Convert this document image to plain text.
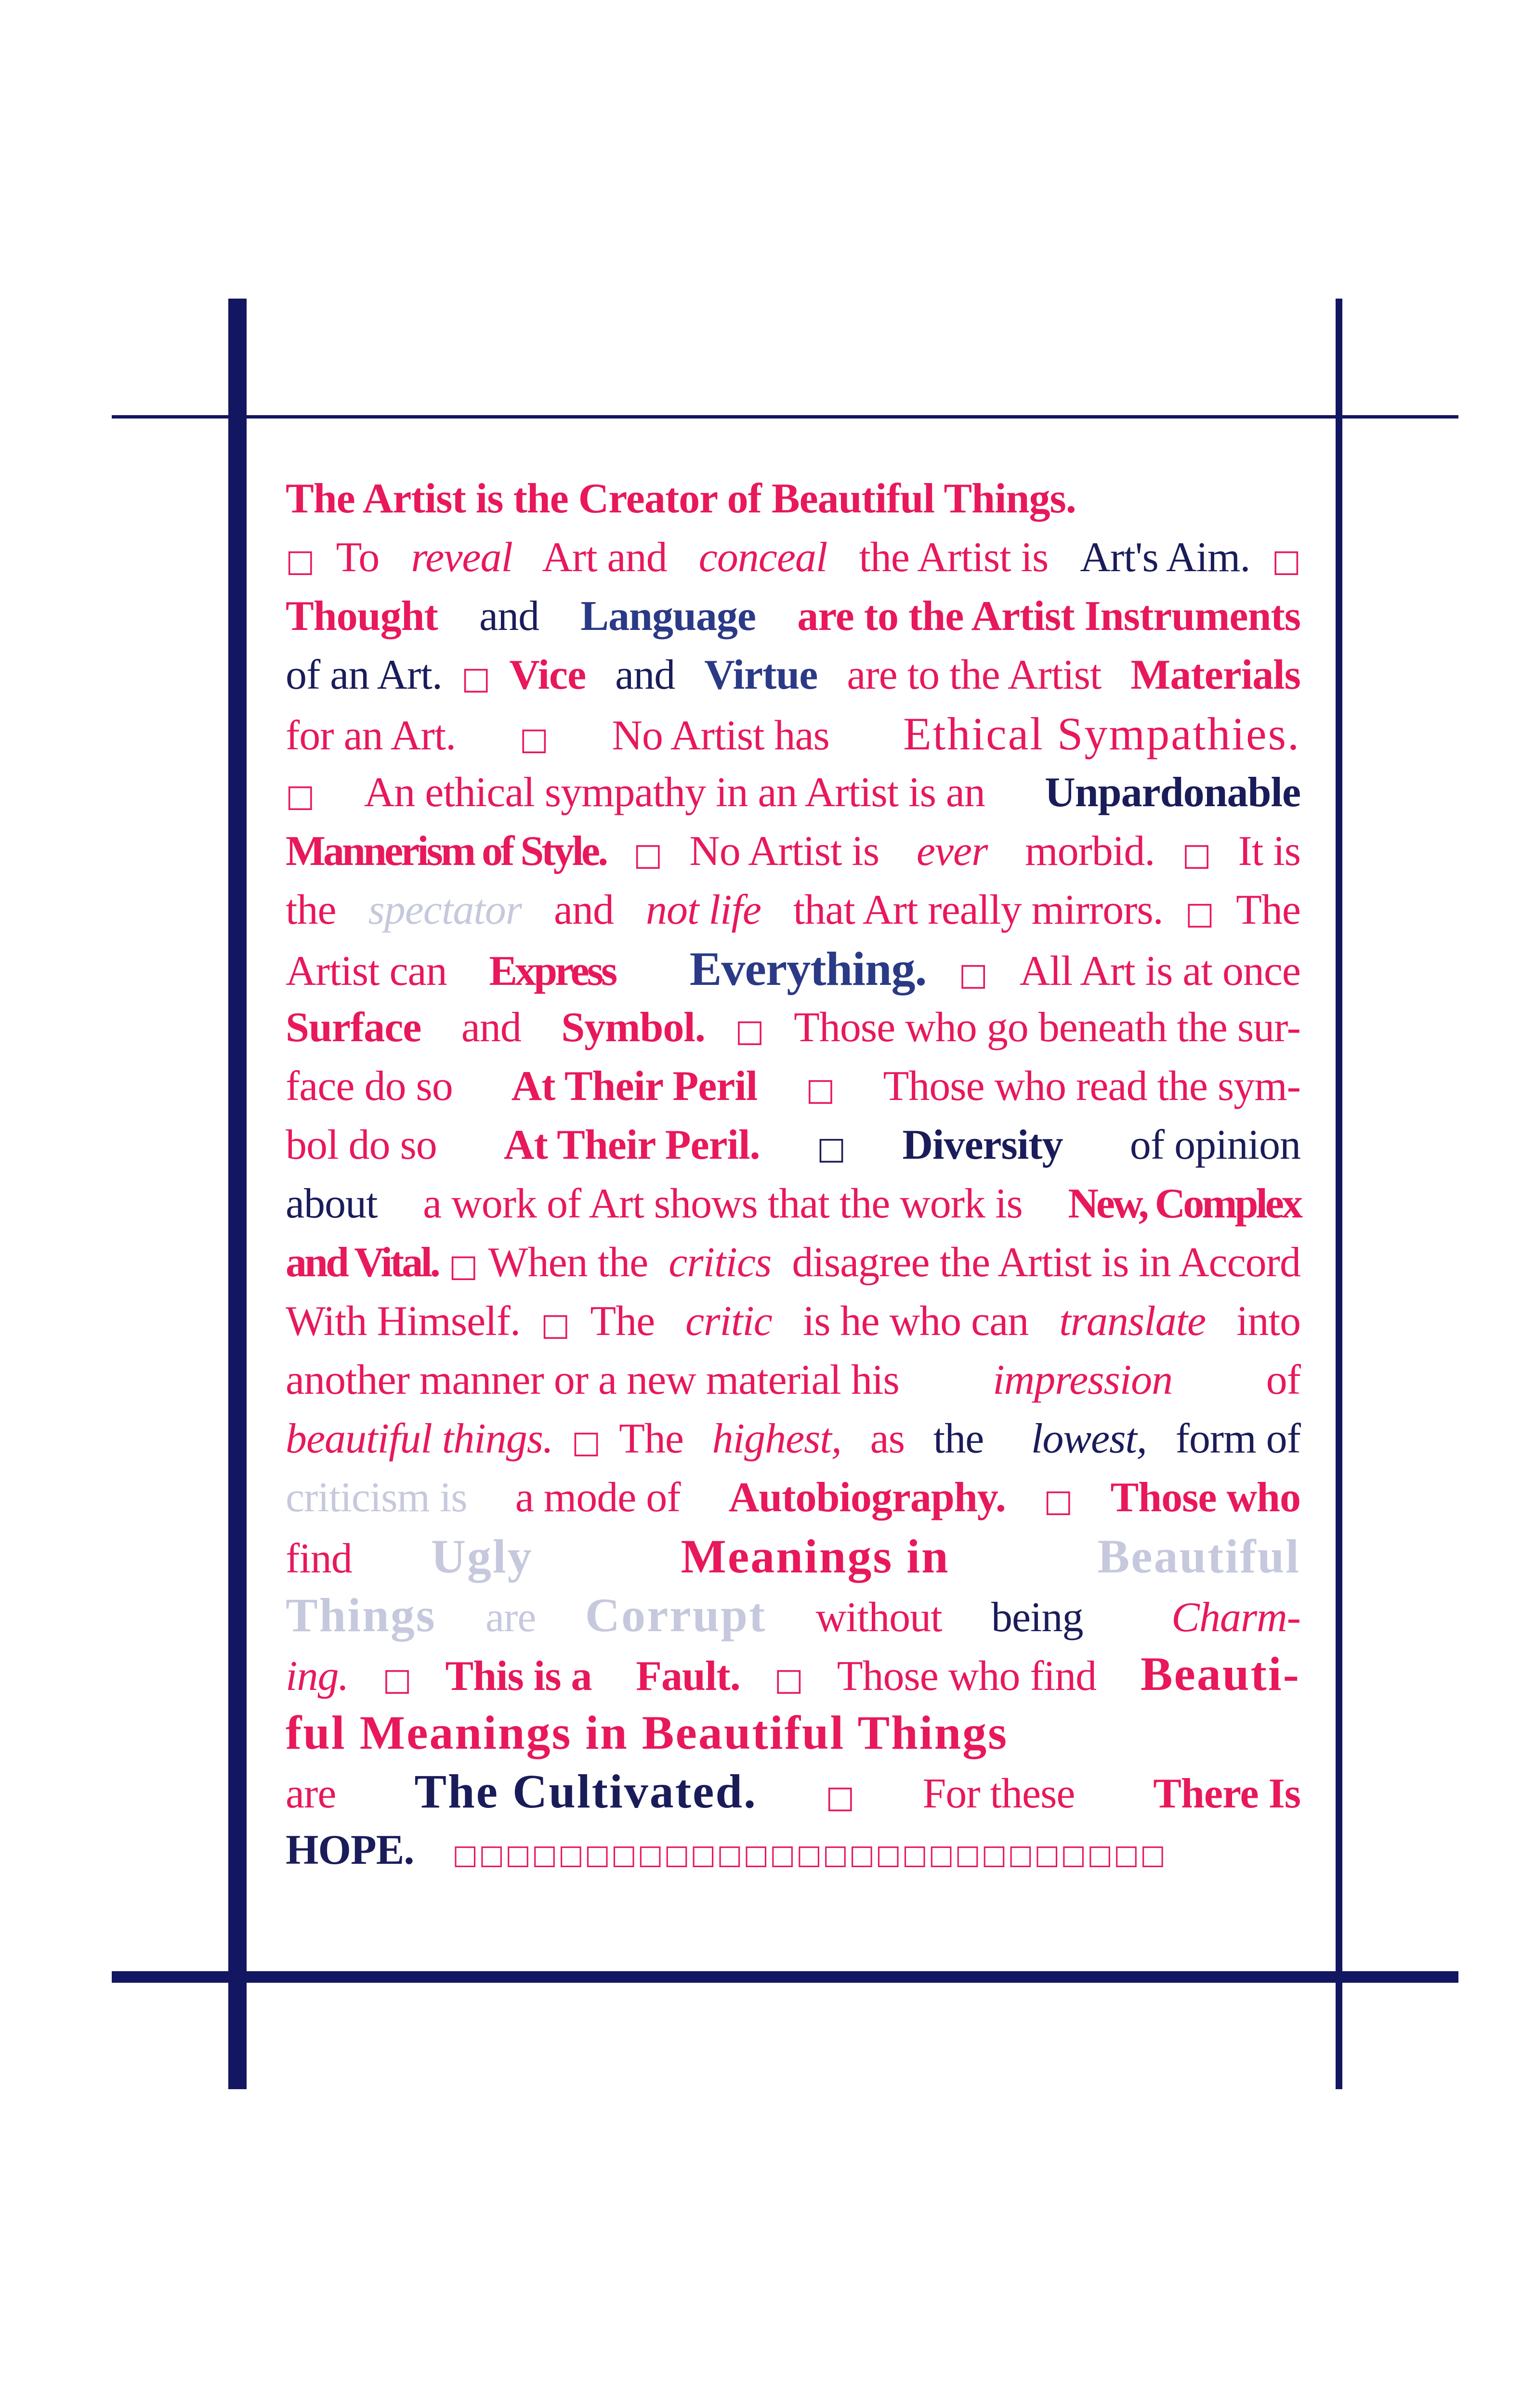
The Artist is the Creator of Beautiful Things.
□ To reveal Art and conceal the Artist is Art's Aim. □
Thought and Language are to the Artist Instruments
of an Art. □ Vice and Virtue are to the Artist Materials
for an Art. □ No Artist has Ethical Sympathies.
□ An ethical sympathy in an Artist is an Unpardonable
Mannerism of Style. □ No Artist is ever morbid. □ It is
the spectator and not life that Art really mirrors. □ The
Artist can Express
Everything. □ All Art is at once
Surface and Symbol. □ Those who go beneath the sur-
face do so At Their Peril □ Those who read the sym-
bol do so At Their Peril. □ Diversity of opinion
about a work of Art shows that the work is New, Complex
and Vital. □ When the critics disagree the Artist is in Accord
With Himself. □ The critic is he who can translate into
another manner or a new material his impression of
beautiful things. □ The highest, as the
lowest, form of
criticism is a mode of Autobiography. □ Those who
find Ugly
	Meanings in
	Beautiful
Things are Corrupt without being
Charm-
ing. □ This is a Fault. □ Those who find Beauti-
ful Meanings in Beautiful Things
are The Cultivated. □ For these There Is
HOPE. □□□□□□□□□□□□□□□□□□□□□□□□□□□
